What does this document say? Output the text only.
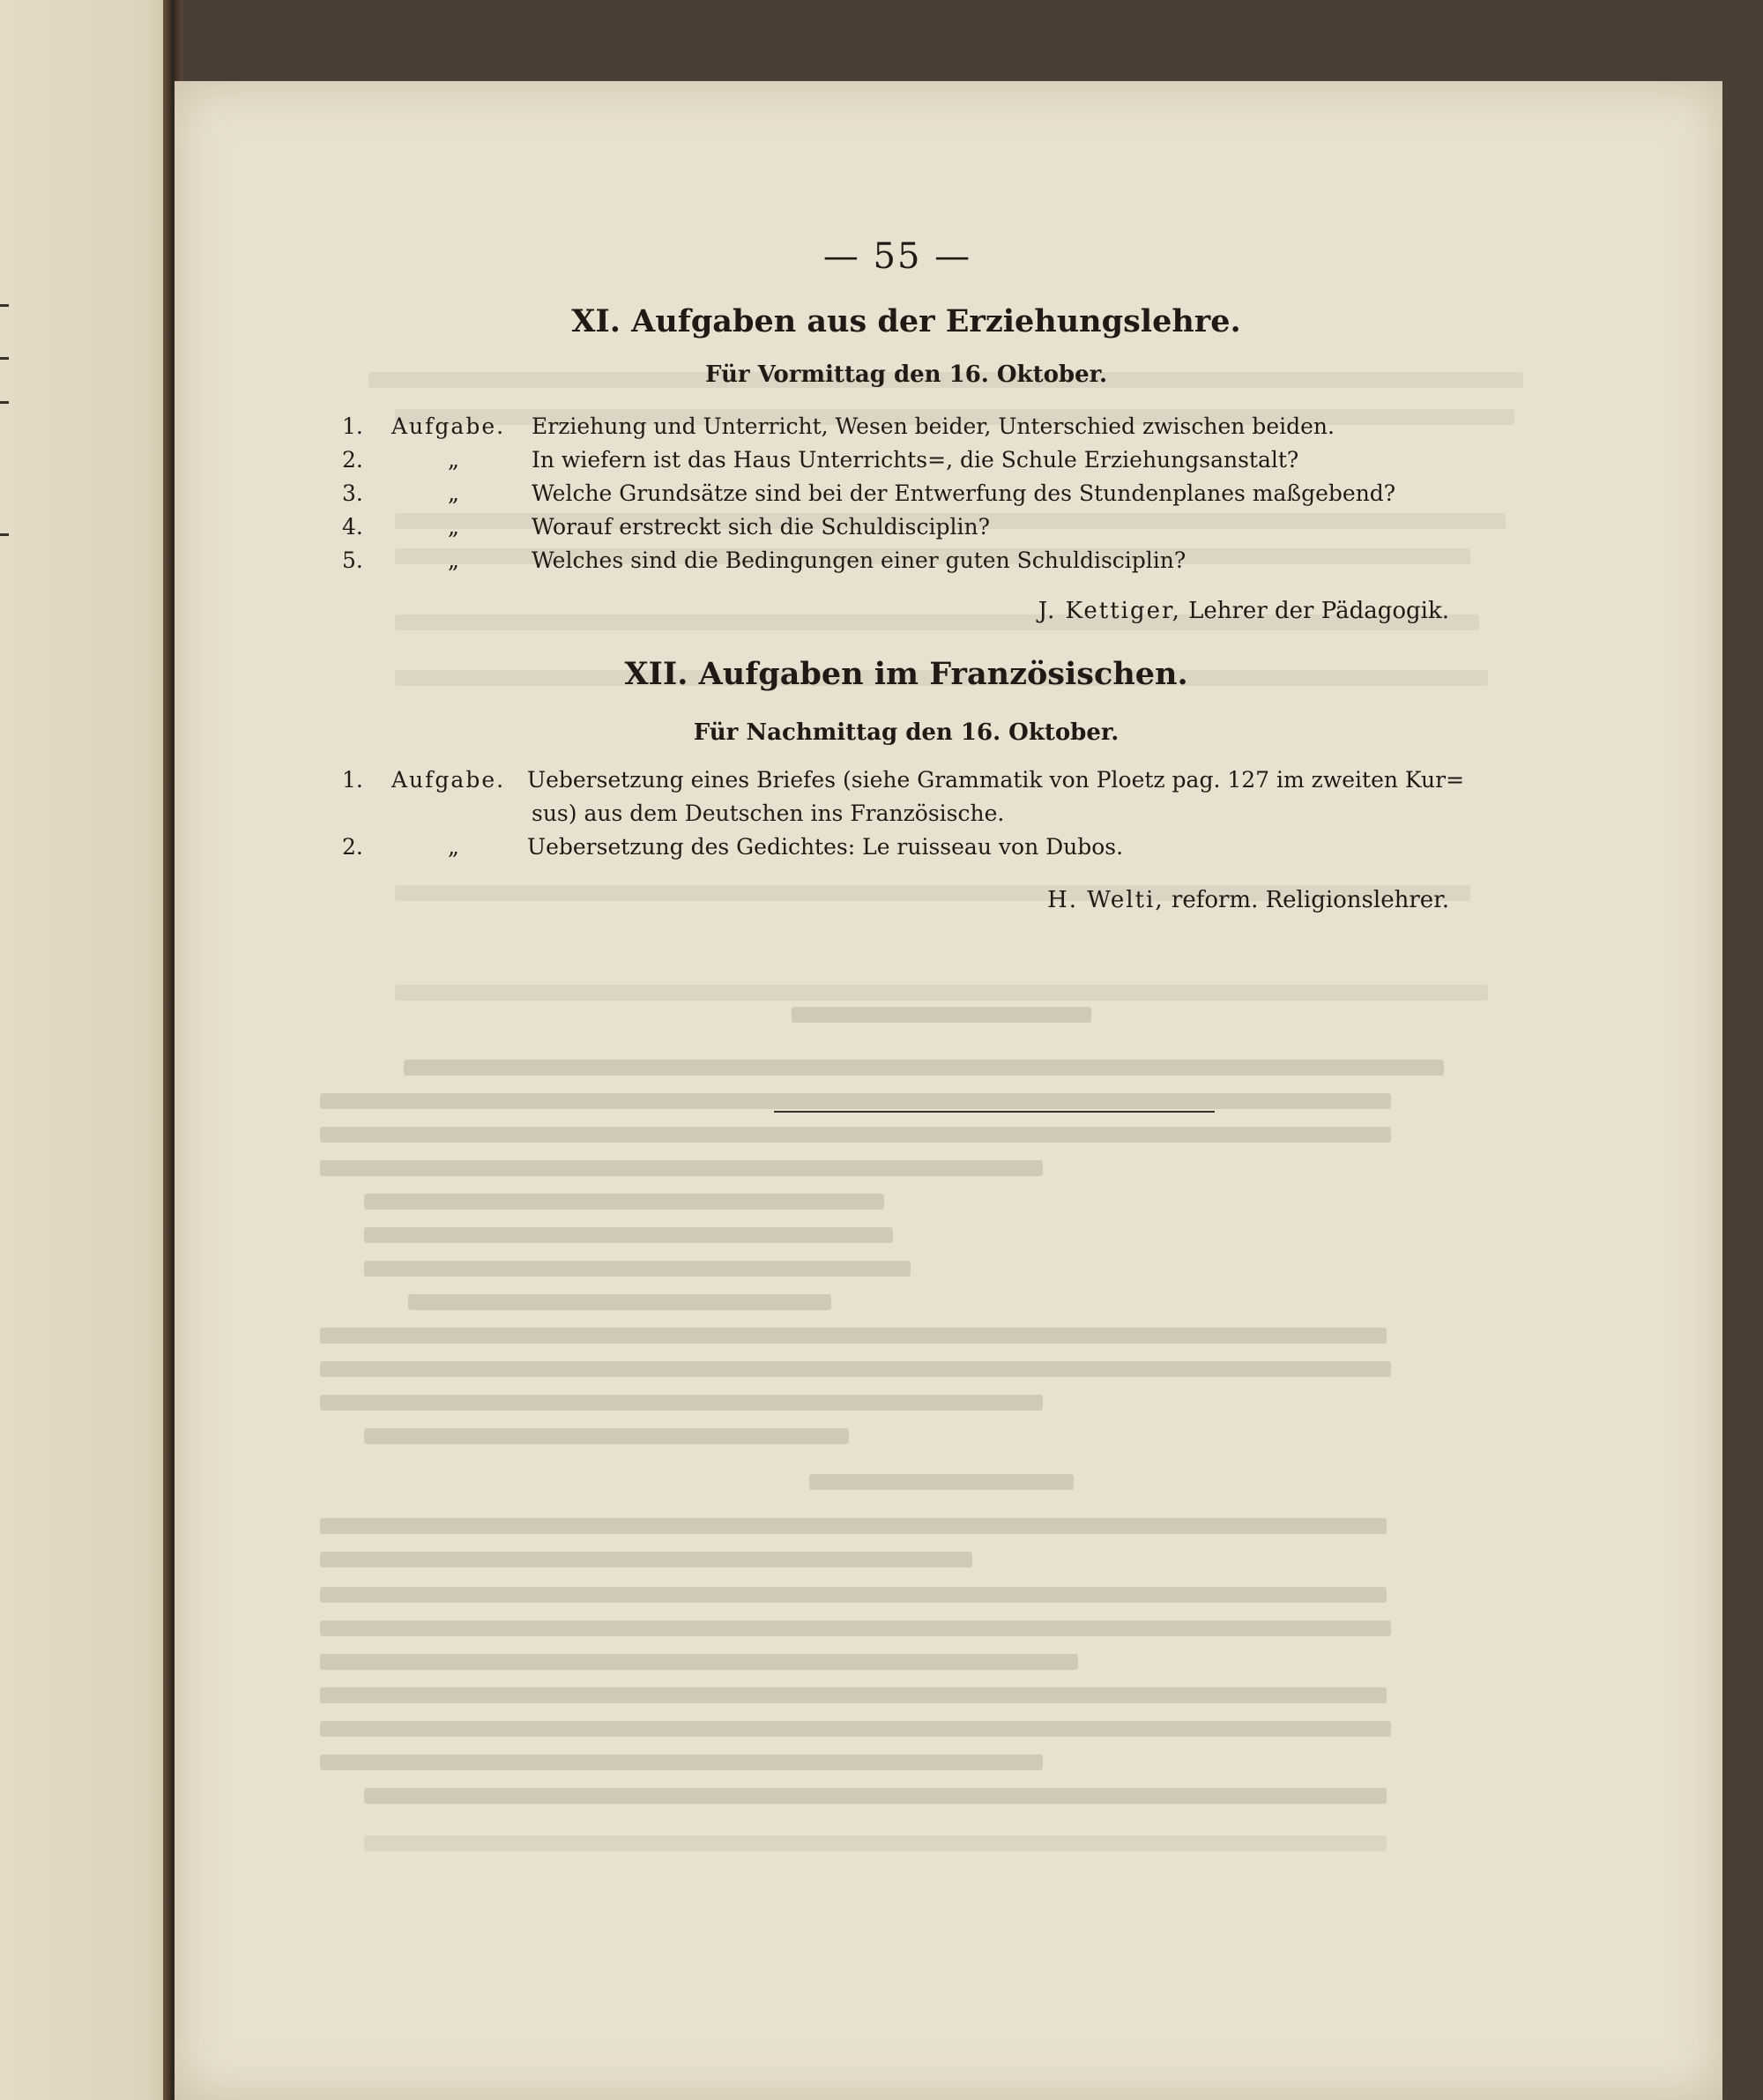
— 55 —
XI. Aufgaben aus der Erziehungslehre.
Für Vormittag den 16. Oktober.
1. Aufgabe. Erziehung und Unterricht, Wesen beider, Unterschied zwischen beiden.
2.	„	In wiefern ist das Haus Unterrichts=, die Schule Erziehungsanstalt?
3.	„	Welche Grundsätze sind bei der Entwerfung des Stundenplanes maßgebend?
4.	„	Worauf erstreckt sich die Schuldisciplin?
5.	„	Welches sind die Bedingungen einer guten Schuldisciplin?
J. Kettiger, Lehrer der Pädagogik.
XII. Aufgaben im Französischen.
Für Nachmittag den 16. Oktober.
1. Aufgabe. Uebersetzung eines Briefes (siehe Grammatik von Ploetz pag. 127 im zweiten Kur=
sus) aus dem Deutschen ins Französische.
2.	„	Uebersetzung des Gedichtes: Le ruisseau von Dubos.
H. Welti, reform. Religionslehrer.
